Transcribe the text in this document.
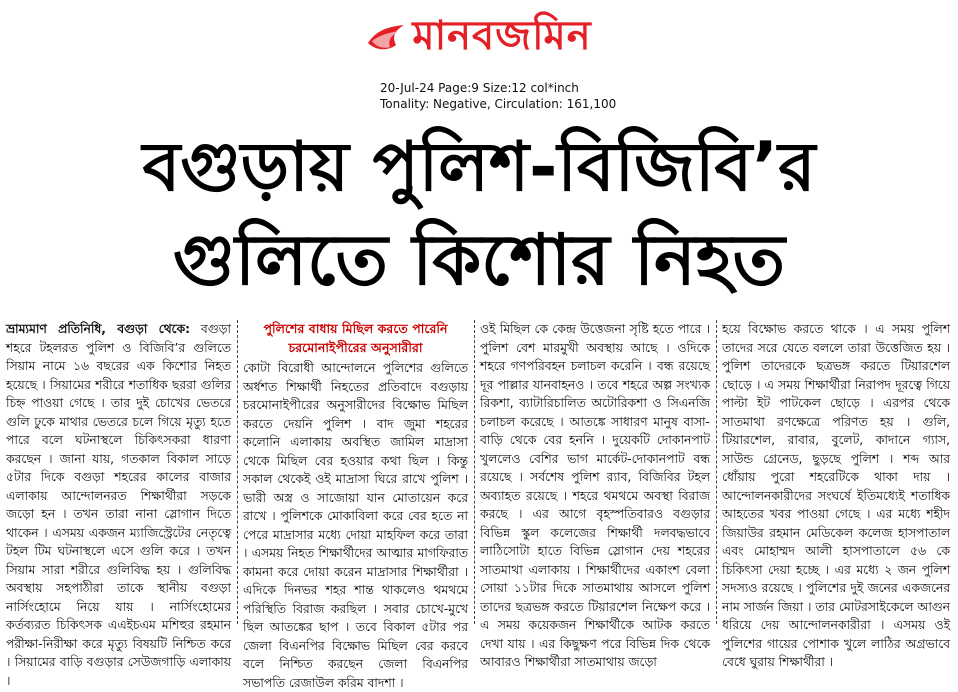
মানবজমিন
20-Jul-24 Page:9 Size:12 col*inch
Tonality: Negative, Circulation: 161,100
বগুড়ায় পুলিশ-বিজিবি’র
গুলিতে কিশোর নিহত

ভ্রাম্যমাণ প্রতিনিধি, বগুড়া থেকে: বগুড়া শহরে টহলরত পুলিশ ও বিজিবি’র গুলিতে সিয়াম নামে ১৬ বছরের এক কিশোর নিহত হয়েছে । সিয়ামের শরীরে শতাধিক ছররা গুলির চিহ্ন পাওয়া গেছে । তার দুই চোখের ভেতরে গুলি ঢুকে মাথার ভেতরে চলে গিয়ে মৃত্যু হতে পারে বলে ঘটনাস্থলে চিকিৎসকরা ধারণা করছেন । জানা যায়, গতকাল বিকাল সাড়ে ৫টার দিকে বগুড়া শহরের কালের বাজার এলাকায় আন্দোলনরত শিক্ষার্থীরা সড়কে জড়ো হন । তখন তারা নানা স্লোগান দিতে থাকেন । এসময় একজন ম্যাজিস্ট্রেটের নেতৃত্বে টহল টিম ঘটনাস্থলে এসে গুলি করে । তখন সিয়াম সারা শরীরে গুলিবিদ্ধ হয় । গুলিবিদ্ধ অবস্থায় সহপাঠীরা তাকে স্থানীয় বগুড়া নার্সিংহোমে নিয়ে যায় । নার্সিংহোমের কর্তব্যরত চিকিৎসক এএইচএম মশিহুর রহমান পরীক্ষা-নিরীক্ষা করে মৃত্যু বিষয়টি নিশ্চিত করে । সিয়ামের বাড়ি বগুড়ার সেউজগাড়ি এলাকায় ।

পুলিশের বাধায় মিছিল করতে পারেনি চরমোনাইপীরের অনুসারীরা

কোটা বিরোধী আন্দোলনে পুলিশের গুলিতে অর্ধশত শিক্ষার্থী নিহতের প্রতিবাদে বগুড়ায় চরমোনাইপীরের অনুসারীদের বিক্ষোভ মিছিল করতে দেয়নি পুলিশ । বাদ জুমা শহরের কলোনি এলাকায় অবস্থিত জামিল মাদ্রাসা থেকে মিছিল বের হওয়ার কথা ছিল । কিন্তু সকাল থেকেই ওই মাদ্রাসা ঘিরে রাখে পুলিশ । ভারী অস্ত্র ও সাজোয়া যান মোতায়েন করে রাখে । পুলিশকে মোকাবিলা করে বের হতে না পেরে মাদ্রাসার মধ্যে দোয়া মাহফিল করে তারা । এসময় নিহত শিক্ষার্থীদের আত্মার মাগফিরাত কামনা করে দোয়া করেন মাদ্রাসার শিক্ষার্থীরা । এদিকে দিনভর শহর শান্ত থাকলেও থমথমে পরিস্থিতি বিরাজ করছিল । সবার চোখে-মুখে ছিল আতঙ্কের ছাপ । তবে বিকাল ৫টার পর জেলা বিএনপির বিক্ষোভ মিছিল বের করবে বলে নিশ্চিত করছেন জেলা বিএনপির সভাপতি রেজাউল করিম বাদশা ।

ওই মিছিল কে কেন্দ্র উত্তেজনা সৃষ্টি হতে পারে । পুলিশ বেশ মারমুখী অবস্থায় আছে । ওদিকে শহরে গণপরিবহন চলাচল করেনি । বন্ধ রয়েছে দূর পাল্লার যানবাহনও । তবে শহরে অল্প সংখ্যক রিকশা, ব্যাটারিচালিত অটোরিকশা ও সিএনজি চলাচল করেছে । আতঙ্কে সাধারণ মানুষ বাসা-বাড়ি থেকে বের হননি । দুয়েকটি দোকানপাট খুললেও বেশির ভাগ মার্কেট-দোকানপাট বন্ধ রয়েছে । সর্বশেষ পুলিশ র‌্যাব, বিজিবির টহল অব্যাহত রয়েছে । শহরে থমথমে অবস্থা বিরাজ করছে । এর আগে বৃহস্পতিবারও বগুড়ার বিভিন্ন স্কুল কলেজের শিক্ষার্থী দলবদ্ধভাবে লাঠিসোটা হাতে বিভিন্ন স্লোগান দেয় শহরের সাতমাথা এলাকায় । শিক্ষার্থীদের একাংশ বেলা সোয়া ১১টার দিকে সাতমাথায় আসলে পুলিশ তাদের ছত্রভঙ্গ করতে টিয়ারশেল নিক্ষেপ করে । এ সময় কয়েকজন শিক্ষার্থীকে আটক করতে দেখা যায় । এর কিছুক্ষণ পরে বিভিন্ন দিক থেকে আবারও শিক্ষার্থীরা সাতমাথায় জড়ো

হয়ে বিক্ষোভ করতে থাকে । এ সময় পুলিশ তাদের সরে যেতে বললে তারা উত্তেজিত হয় । পুলিশ তাদেরকে ছত্রভঙ্গ করতে টিয়ারশেল ছোড়ে । এ সময় শিক্ষার্থীরা নিরাপদ দূরত্বে গিয়ে পাল্টা ইট পাটকেল ছোড়ে । এরপর থেকে সাতমাথা রণক্ষেত্রে পরিণত হয় । গুলি, টিয়ারশেল, রাবার, বুলেট, কাদানে গ্যাস, সাউন্ড গ্রেনেড, ছুড়ছে পুলিশ । শব্দ আর ধোঁয়ায় পুরো শহরেটিকে থাকা দায় । আন্দোলনকারীদের সংঘর্ষে ইতিমধ্যেই শতাধিক আহতের খবর পাওয়া গেছে । এর মধ্যে শহীদ জিয়াউর রহমান মেডিকেল কলেজ হাসপাতাল এবং মোহাম্মদ আলী হাসপাতালে ৫৬ কে চিকিৎসা দেয়া হচ্ছে । এর মধ্যে ২ জন পুলিশ সদস্যও রয়েছে । পুলিশের দুই জনের একজনের নাম সার্জন জিয়া । তার মোটরসাইকেলে আগুন ধরিয়ে দেয় আন্দোলনকারীরা । এসময় ওই পুলিশের গায়ের পোশাক খুলে লাঠির অগ্রভাবে বেধে ঘুরায় শিক্ষার্থীরা ।
